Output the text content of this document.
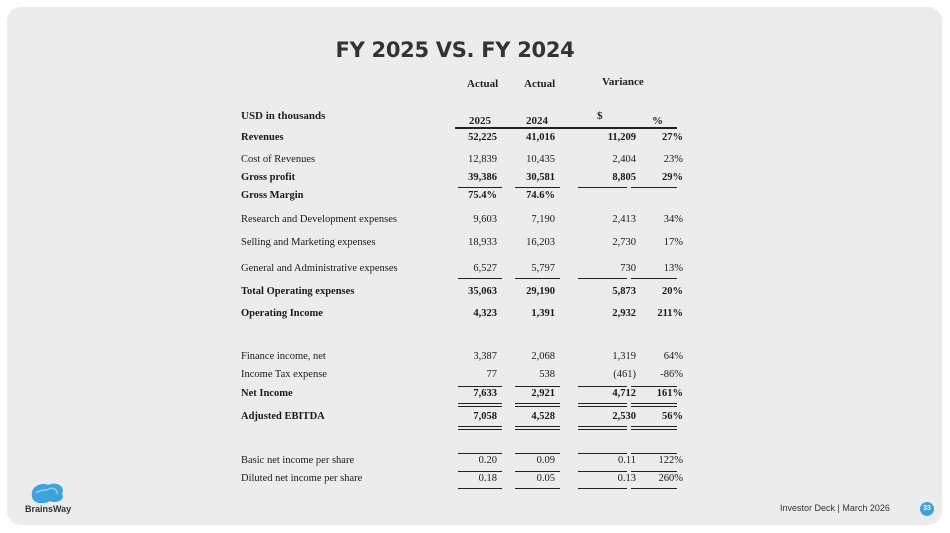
FY 2025 VS. FY 2024
Actual Actual	Variance
USD in thousands	2025	2024	$	%
Revenues	52,225	41,016	11,209 27%
Cost of Revenues	12,839	10,435	2,404	23%
Gross profit	39,386	30,581	8,805 29%
Gross Margin	75.4%	74.6%
Research and Development expenses	9,603	7,190	2,413	34%
Selling and Marketing expenses	18,933	16,203	2,730	17%
General and Administrative expenses	6,527	5,797	730	13%
Total Operating expenses	35,063	29,190	5,873 20%
Operating Income	4,323	1,391	2,932 211%
Finance income, net	3,387	2,068	1,319	64%
Income Tax expense	77	538	(461) -86%
Net Income	7,633	2,921	4,712 161%
Adjusted EBITDA	7,058	4,528	2,530 56%
Basic net income per share	0.20	0.09	0.11 122%
Diluted net income per share	0.18	0.05	0.13 260%
BrainsWay	Investor Deck | March 2026	33
